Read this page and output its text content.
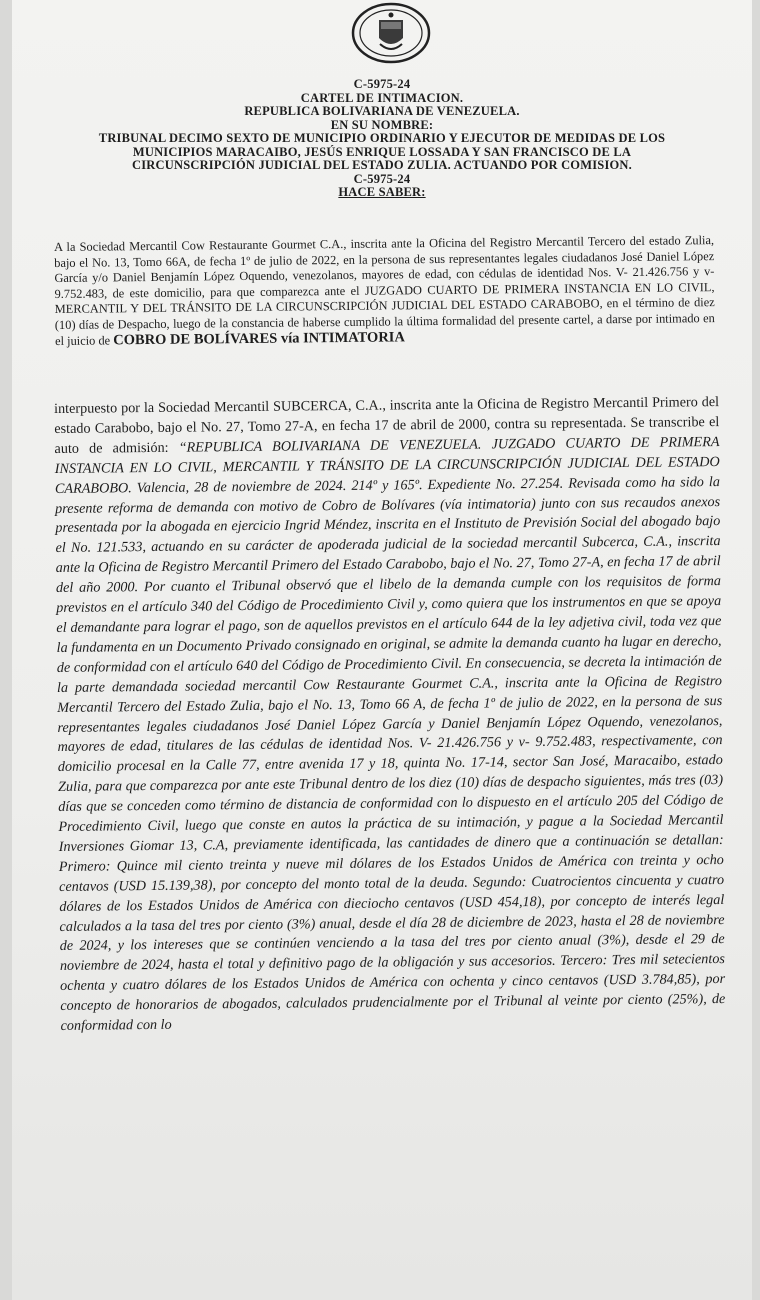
C-5975-24
CARTEL DE INTIMACION.
REPUBLICA BOLIVARIANA DE VENEZUELA.
EN SU NOMBRE:
TRIBUNAL DECIMO SEXTO DE MUNICIPIO ORDINARIO Y EJECUTOR DE MEDIDAS DE LOS MUNICIPIOS MARACAIBO, JESÚS ENRIQUE LOSSADA Y SAN FRANCISCO DE LA CIRCUNSCRIPCIÓN JUDICIAL DEL ESTADO ZULIA. ACTUANDO POR COMISION.
C-5975-24
HACE SABER:

A la Sociedad Mercantil Cow Restaurante Gourmet C.A., inscrita ante la Oficina del Registro Mercantil Tercero del estado Zulia, bajo el No. 13, Tomo 66A, de fecha 1º de julio de 2022, en la persona de sus representantes legales ciudadanos José Daniel López García y/o Daniel Benjamín López Oquendo, venezolanos, mayores de edad, con cédulas de identidad Nos. V- 21.426.756 y v- 9.752.483, de este domicilio, para que comparezca ante el JUZGADO CUARTO DE PRIMERA INSTANCIA EN LO CIVIL, MERCANTIL Y DEL TRÁNSITO DE LA CIRCUNSCRIPCIÓN JUDICIAL DEL ESTADO CARABOBO, en el término de diez (10) días de Despacho, luego de la constancia de haberse cumplido la última formalidad del presente cartel, a darse por intimado en el juicio de COBRO DE BOLÍVARES vía INTIMATORIA

interpuesto por la Sociedad Mercantil SUBCERCA, C.A., inscrita ante la Oficina de Registro Mercantil Primero del estado Carabobo, bajo el No. 27, Tomo 27-A, en fecha 17 de abril de 2000, contra su representada. Se transcribe el auto de admisión: “REPUBLICA BOLIVARIANA DE VENEZUELA. JUZGADO CUARTO DE PRIMERA INSTANCIA EN LO CIVIL, MERCANTIL Y TRÁNSITO DE LA CIRCUNSCRIPCIÓN JUDICIAL DEL ESTADO CARABOBO. Valencia, 28 de noviembre de 2024. 214º y 165º. Expediente No. 27.254. Revisada como ha sido la presente reforma de demanda con motivo de Cobro de Bolívares (vía intimatoria) junto con sus recaudos anexos presentada por la abogada en ejercicio Ingrid Méndez, inscrita en el Instituto de Previsión Social del abogado bajo el No. 121.533, actuando en su carácter de apoderada judicial de la sociedad mercantil Subcerca, C.A., inscrita ante la Oficina de Registro Mercantil Primero del Estado Carabobo, bajo el No. 27, Tomo 27-A, en fecha 17 de abril del año 2000. Por cuanto el Tribunal observó que el libelo de la demanda cumple con los requisitos de forma previstos en el artículo 340 del Código de Procedimiento Civil y, como quiera que los instrumentos en que se apoya el demandante para lograr el pago, son de aquellos previstos en el artículo 644 de la ley adjetiva civil, toda vez que la fundamenta en un Documento Privado consignado en original, se admite la demanda cuanto ha lugar en derecho, de conformidad con el artículo 640 del Código de Procedimiento Civil. En consecuencia, se decreta la intimación de la parte demandada sociedad mercantil Cow Restaurante Gourmet C.A., inscrita ante la Oficina de Registro Mercantil Tercero del Estado Zulia, bajo el No. 13, Tomo 66 A, de fecha 1º de julio de 2022, en la persona de sus representantes legales ciudadanos José Daniel López García y Daniel Benjamín López Oquendo, venezolanos, mayores de edad, titulares de las cédulas de identidad Nos. V- 21.426.756 y v- 9.752.483, respectivamente, con domicilio procesal en la Calle 77, entre avenida 17 y 18, quinta No. 17-14, sector San José, Maracaibo, estado Zulia, para que comparezca por ante este Tribunal dentro de los diez (10) días de despacho siguientes, más tres (03) días que se conceden como término de distancia de conformidad con lo dispuesto en el artículo 205 del Código de Procedimiento Civil, luego que conste en autos la práctica de su intimación, y pague a la Sociedad Mercantil Inversiones Giomar 13, C.A, previamente identificada, las cantidades de dinero que a continuación se detallan: Primero: Quince mil ciento treinta y nueve mil dólares de los Estados Unidos de América con treinta y ocho centavos (USD 15.139,38), por concepto del monto total de la deuda. Segundo: Cuatrocientos cincuenta y cuatro dólares de los Estados Unidos de América con dieciocho centavos (USD 454,18), por concepto de interés legal calculados a la tasa del tres por ciento (3%) anual, desde el día 28 de diciembre de 2023, hasta el 28 de noviembre de 2024, y los intereses que se continúen venciendo a la tasa del tres por ciento anual (3%), desde el 29 de noviembre de 2024, hasta el total y definitivo pago de la obligación y sus accesorios. Tercero: Tres mil setecientos ochenta y cuatro dólares de los Estados Unidos de América con ochenta y cinco centavos (USD 3.784,85), por concepto de honorarios de abogados, calculados prudencialmente por el Tribunal al veinte por ciento (25%), de conformidad con lo
